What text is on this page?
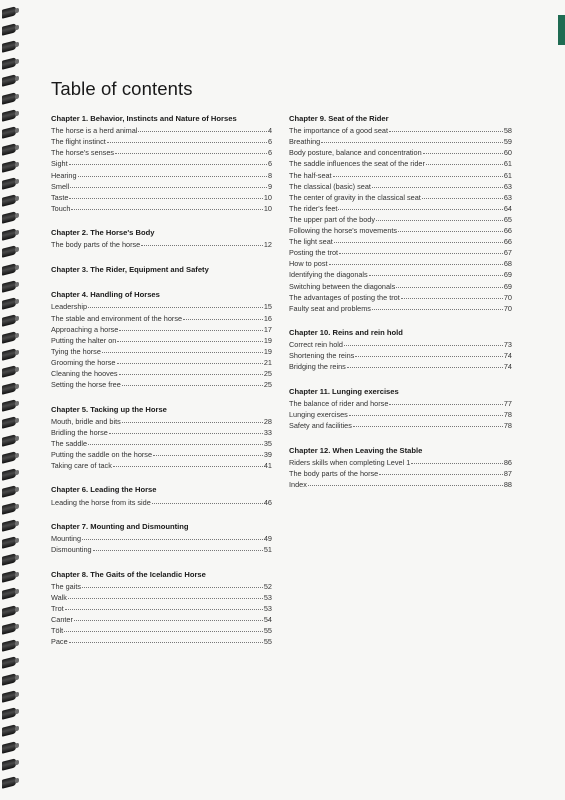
Table of contents
Chapter 1. Behavior, Instincts and Nature of Horses
The horse is a herd animal	4
The flight instinct	6
The horse's senses	6
Sight	6
Hearing	8
Smell	9
Taste	10
Touch	10
Chapter 2. The Horse's Body
The body parts of the horse	12
Chapter 3. The Rider, Equipment and Safety
Chapter 4. Handling of Horses
Leadership	15
The stable and environment of the horse	16
Approaching a horse	17
Putting the halter on	19
Tying the horse	19
Grooming the horse	21
Cleaning the hooves	25
Setting the horse free	25
Chapter 5. Tacking up the Horse
Mouth, bridle and bits	28
Bridling the horse	33
The saddle	35
Putting the saddle on the horse	39
Taking care of tack	41
Chapter 6. Leading the Horse
Leading the horse from its side	46
Chapter 7. Mounting and Dismounting
Mounting	49
Dismounting	51
Chapter 8. The Gaits of the Icelandic Horse
The gaits	52
Walk	53
Trot	53
Canter	54
Tölt	55
Pace	55
Chapter 9. Seat of the Rider
The importance of a good seat	58
Breathing	59
Body posture, balance and concentration	60
The saddle influences the seat of the rider	61
The half-seat	61
The classical (basic) seat	63
The center of gravity in the classical seat	63
The rider's feet	64
The upper part of the body	65
Following the horse's movements	66
The light seat	66
Posting the trot	67
How to post	68
Identifying the diagonals	69
Switching between the diagonals	69
The advantages of posting the trot	70
Faulty seat and problems	70
Chapter 10. Reins and rein hold
Correct rein hold	73
Shortening the reins	74
Bridging the reins	74
Chapter 11. Lunging exercises
The balance of rider and horse	77
Lunging exercises	78
Safety and facilities	78
Chapter 12. When Leaving the Stable
Riders skills when completing Level 1	86
The body parts of the horse	87
Index	88
